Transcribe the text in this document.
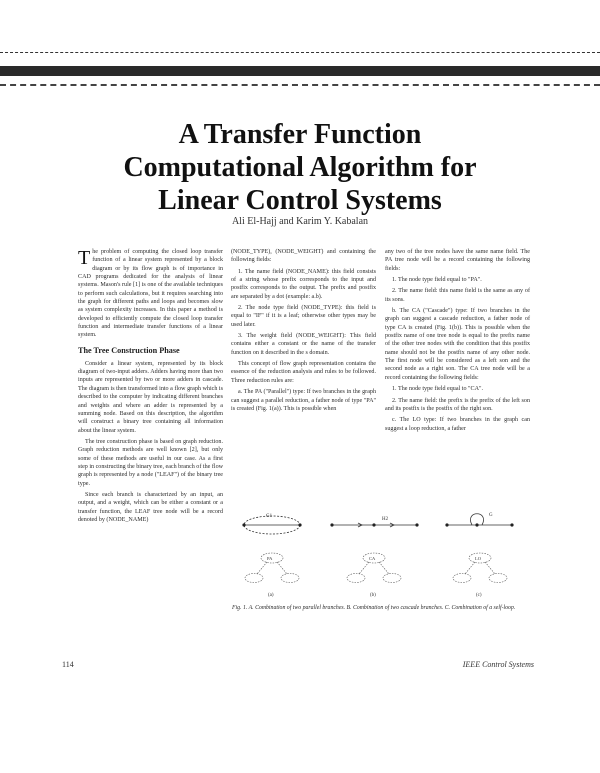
A Transfer Function
Computational Algorithm for
Linear Control Systems
Ali El-Hajj and Karim Y. Kabalan

The problem of computing the closed loop transfer function of a linear system represented by a block diagram or by its flow graph is of importance in CAD programs dedicated for the analysis of linear systems. Mason's rule [1] is one of the available techniques to perform such calculations, but it requires searching into the graph for different paths and loops and becomes slow as system complexity increases. In this paper a method is developed to efficiently compute the closed loop transfer function and intermediate transfer functions of a linear system.

The Tree Construction Phase

Consider a linear system, represented by its block diagram of two-input adders. Adders having more than two inputs are represented by two or more adders in cascade. The diagram is then transformed into a flow graph which is described to the computer by indicating different branches and weights and where an adder is represented by a summing node. Based on this description, the algorithm will construct a binary tree containing all information about the linear system.

The tree construction phase is based on graph reduction. Graph reduction methods are well known [2], but only some of these methods are useful in our case. As a first step in constructing the binary tree, each branch of the flow graph is represented by a node ("LEAF") of the binary tree type.

Since each branch is characterized by an input, an output, and a weight, which can be either a constant or a transfer function, the LEAF tree node will be a record denoted by (NODE_NAME)

(NODE_TYPE), (NODE_WEIGHT) and containing the following fields:

1. The name field (NODE_NAME): this field consists of a string whose prefix corresponds to the input and postfix corresponds to the output. The prefix and postfix are separated by a dot (example: a.b).

2. The node type field (NODE_TYPE): this field is equal to "IF" if it is a leaf; otherwise other types may be used later.

3. The weight field (NODE_WEIGHT): This field contains either a constant or the name of the transfer function on it described in the s domain.

This concept of flow graph representation contains the essence of the reduction analysis and rules to be followed. Three reduction rules are:

a. The PA ("Parallel") type: If two branches in the graph can suggest a parallel reduction, a father node of type "PA" is created (Fig. 1(a)). This is possible when

any two of the tree nodes have the same name field. The PA tree node will be a record containing the following fields:

1. The node type field equal to "PA".

2. The name field: this name field is the same as any of its sons.

b. The CA ("Cascade") type: If two branches in the graph can suggest a cascade reduction, a father node of type CA is created (Fig. 1(b)). This is possible when the postfix name of one tree node is equal to the prefix name of the other tree nodes with the condition that this postfix name should not be the postfix name of any other node. The first node will be considered as a left son and the second node as a right son. The CA tree node will be a record containing the following fields:

1. The node type field equal to "CA".

2. The name field: the prefix is the prefix of the left son and its postfix is the postfix of the right son.

c. The LO type: If two branches in the graph can suggest a loop reduction, a father

G1
H2
G
PA	CA	LO
(a)	(b)	(c)
Fig. 1. A. Combination of two parallel branches. B. Combination of two cascade branches. C. Combination of a self-loop.
114	IEEE Control Systems
